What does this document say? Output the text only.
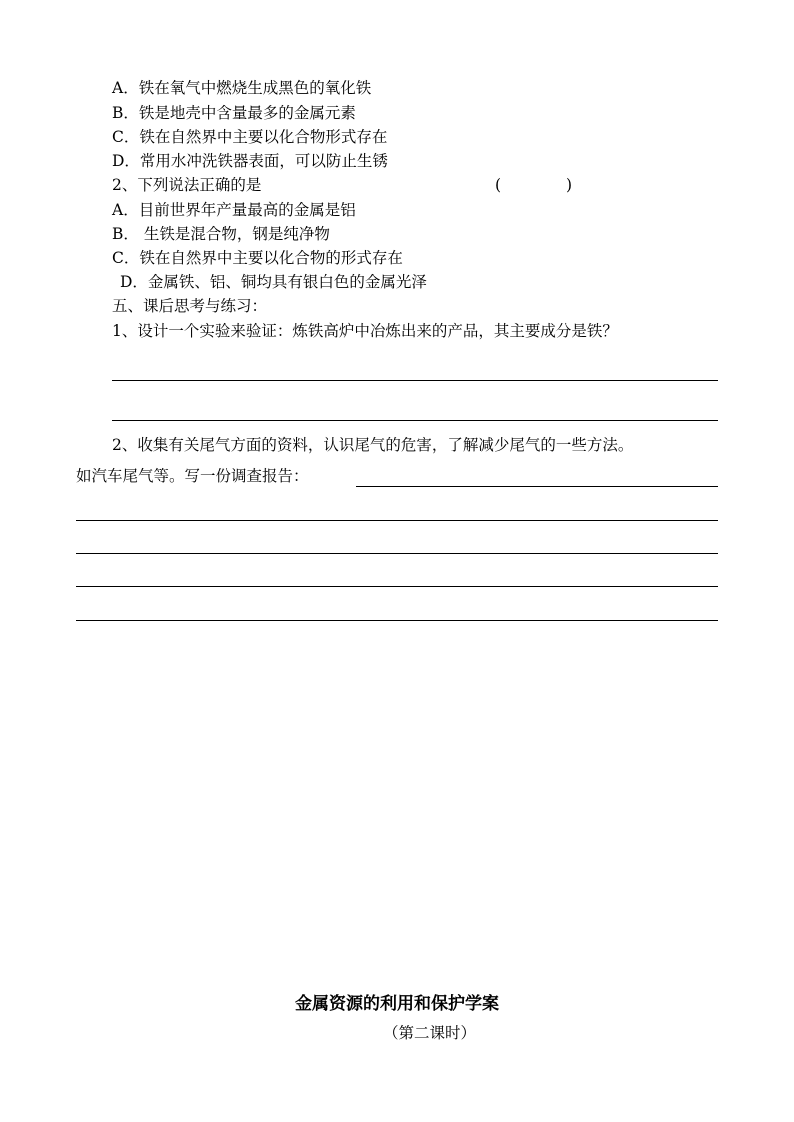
A．铁在氧气中燃烧生成黑色的氧化铁
B．铁是地壳中含量最多的金属元素
C．铁在自然界中主要以化合物形式存在
D．常用水冲洗铁器表面，可以防止生锈
2、下列说法正确的是	(	)
A．目前世界年产量最高的金属是铝
B． 生铁是混合物，钢是纯净物
C．铁在自然界中主要以化合物的形式存在
D．金属铁、铝、铜均具有银白色的金属光泽
五、课后思考与练习：
1、设计一个实验来验证：炼铁高炉中冶炼出来的产品，其主要成分是铁？
2、收集有关尾气方面的资料，认识尾气的危害，了解减少尾气的一些方法。
如汽车尾气等。写一份调查报告：
金属资源的利用和保护学案
（第二课时）
